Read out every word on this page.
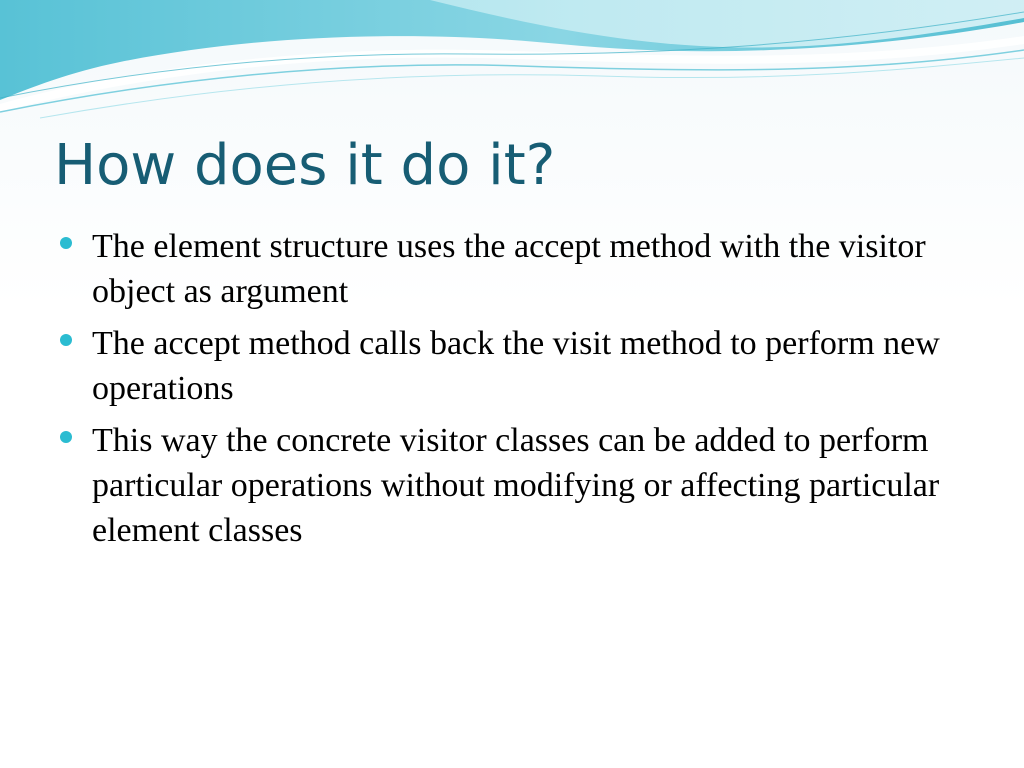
How does it do it?
The element structure uses the accept method with the visitor object as argument
The accept method calls back the visit method to perform new operations
This way the concrete visitor classes can be added to perform particular operations without modifying or affecting particular element classes
